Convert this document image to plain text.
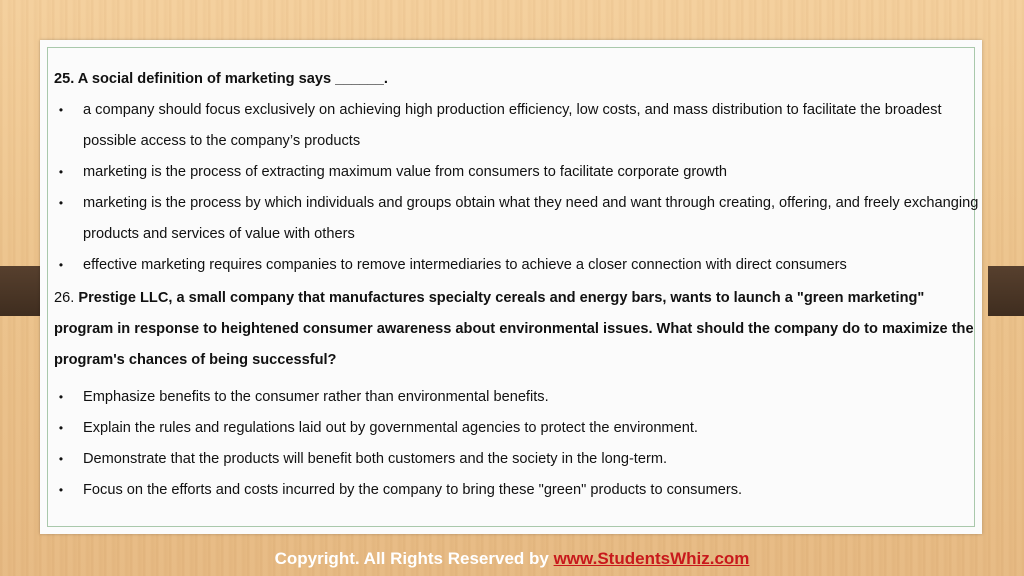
25. A social definition of marketing says ______.

•	a company should focus exclusively on achieving high production efficiency, low costs, and mass distribution to facilitate the broadest possible access to the company’s products
•	marketing is the process of extracting maximum value from consumers to facilitate corporate growth
•	marketing is the process by which individuals and groups obtain what they need and want through creating, offering, and freely exchanging products and services of value with others
•	effective marketing requires companies to remove intermediaries to achieve a closer connection with direct consumers

26. Prestige LLC, a small company that manufactures specialty cereals and energy bars, wants to launch a "green marketing" program in response to heightened consumer awareness about environmental issues. What should the company do to maximize the program's chances of being successful?

•	Emphasize benefits to the consumer rather than environmental benefits.
•	Explain the rules and regulations laid out by governmental agencies to protect the environment.
•	Demonstrate that the products will benefit both customers and the society in the long-term.
•	Focus on the efforts and costs incurred by the company to bring these "green" products to consumers.
Copyright. All Rights Reserved by www.StudentsWhiz.com
